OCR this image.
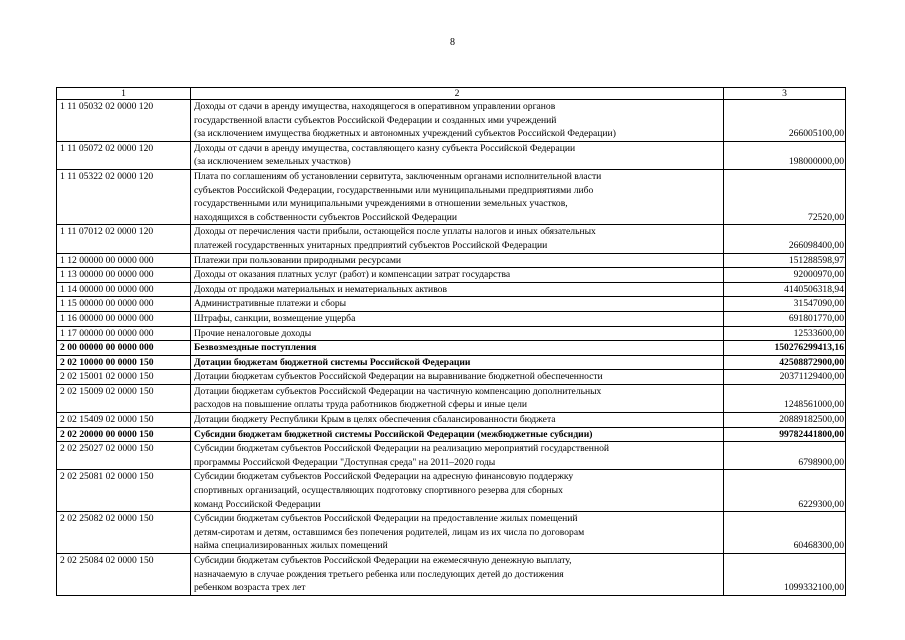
8
1	2	3
1 11 05032 02 0000 120	Доходы от сдачи в аренду имущества, находящегося в оперативном управлении органов
государственной власти субъектов Российской Федерации и созданных ими учреждений
(за исключением имущества бюджетных и автономных учреждений субъектов Российской Федерации)	266005100,00
1 11 05072 02 0000 120	Доходы от сдачи в аренду имущества, составляющего казну субъекта Российской Федерации
(за исключением земельных участков)	198000000,00
1 11 05322 02 0000 120	Плата по соглашениям об установлении сервитута, заключенным органами исполнительной власти
субъектов Российской Федерации, государственными или муниципальными предприятиями либо
государственными или муниципальными учреждениями в отношении земельных участков,
находящихся в собственности субъектов Российской Федерации	72520,00
1 11 07012 02 0000 120	Доходы от перечисления части прибыли, остающейся после уплаты налогов и иных обязательных
платежей государственных унитарных предприятий субъектов Российской Федерации	266098400,00
1 12 00000 00 0000 000	Платежи при пользовании природными ресурсами	151288598,97
1 13 00000 00 0000 000	Доходы от оказания платных услуг (работ) и компенсации затрат государства	92000970,00
1 14 00000 00 0000 000	Доходы от продажи материальных и нематериальных активов	4140506318,94
1 15 00000 00 0000 000	Административные платежи и сборы	31547090,00
1 16 00000 00 0000 000	Штрафы, санкции, возмещение ущерба	691801770,00
1 17 00000 00 0000 000	Прочие неналоговые доходы	12533600,00
2 00 00000 00 0000 000	Безвозмездные поступления	150276299413,16
2 02 10000 00 0000 150	Дотации бюджетам бюджетной системы Российской Федерации	42508872900,00
2 02 15001 02 0000 150	Дотации бюджетам субъектов Российской Федерации на выравнивание бюджетной обеспеченности	20371129400,00
2 02 15009 02 0000 150	Дотации бюджетам субъектов Российской Федерации на частичную компенсацию дополнительных
расходов на повышение оплаты труда работников бюджетной сферы и иные цели	1248561000,00
2 02 15409 02 0000 150	Дотации бюджету Республики Крым в целях обеспечения сбалансированности бюджета	20889182500,00
2 02 20000 00 0000 150	Субсидии бюджетам бюджетной системы Российской Федерации (межбюджетные субсидии)	99782441800,00
2 02 25027 02 0000 150	Субсидии бюджетам субъектов Российской Федерации на реализацию мероприятий государственной
программы Российской Федерации "Доступная среда" на 2011–2020 годы	6798900,00
2 02 25081 02 0000 150	Субсидии бюджетам субъектов Российской Федерации на адресную финансовую поддержку
спортивных организаций, осуществляющих подготовку спортивного резерва для сборных
команд Российской Федерации	6229300,00
2 02 25082 02 0000 150	Субсидии бюджетам субъектов Российской Федерации на предоставление жилых помещений
детям-сиротам и детям, оставшимся без попечения родителей, лицам из их числа по договорам
найма специализированных жилых помещений	60468300,00
2 02 25084 02 0000 150	Субсидии бюджетам субъектов Российской Федерации на ежемесячную денежную выплату,
назначаемую в случае рождения третьего ребенка или последующих детей до достижения
ребенком возраста трех лет	1099332100,00
